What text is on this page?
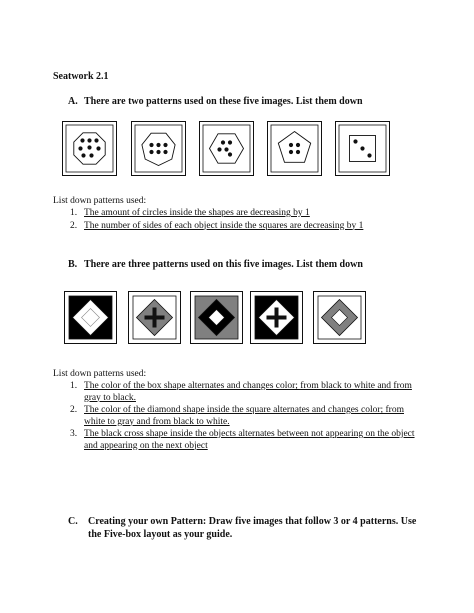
Seatwork 2.1
A. There are two patterns used on these five images. List them down
List down patterns used:
1. The amount of circles inside the shapes are decreasing by 1
2. The number of sides of each object inside the squares are decreasing by 1
B. There are three patterns used on this five images. List them down
List down patterns used:
1. The color of the box shape alternates and changes color; from black to white and from gray to black.
2. The color of the diamond shape inside the square alternates and changes color; from white to gray and from black to white.
3. The black cross shape inside the objects alternates between not appearing on the object and appearing on the next object
C.	Creating your own Pattern: Draw five images that follow 3 or 4 patterns. Use the Five-box layout as your guide.
